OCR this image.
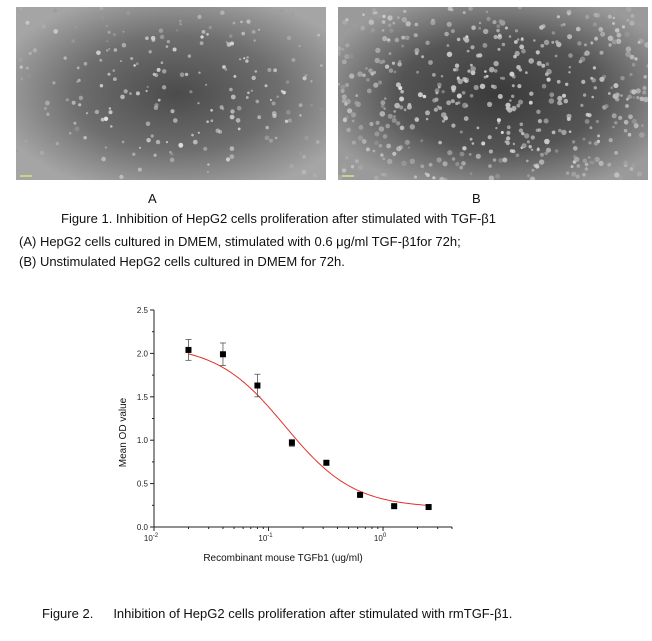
A	B
Figure 1. Inhibition of HepG2 cells proliferation after stimulated with TGF-β1
(A) HepG2 cells cultured in DMEM, stimulated with 0.6 μg/ml TGF-β1for 72h;
(B) Unstimulated HepG2 cells cultured in DMEM for 72h.
Mean OD value
Recombinant mouse TGFb1 (ug/ml)
0.0
0.5
1.0
1.5
2.0
2.5
$10^{-2}$	$10^{-1}$	$10^0$
Figure 2. Inhibition of HepG2 cells proliferation after stimulated with rmTGF-β1.
